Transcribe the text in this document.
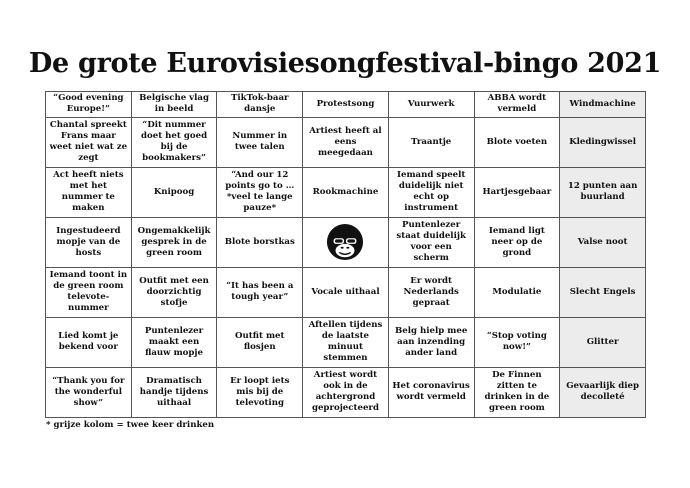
De grote Eurovisiesongfestival-bingo 2021
“Good evening Europe!”	Belgische vlag in beeld	TikTok-baar dansje	Protestsong	Vuurwerk	ABBA wordt vermeld	Windmachine
Chantal spreekt Frans maar weet niet wat ze zegt	“Dit nummer doet het goed bij de bookmakers”	Nummer in twee talen	Artiest heeft al eens meegedaan	Traantje	Blote voeten	Kledingwissel
Act heeft niets met het nummer te maken	Knipoog	“And our 12 points go to … *veel te lange pauze*	Rookmachine	Iemand speelt duidelijk niet echt op instrument	Hartjesgebaar	12 punten aan buurland
Ingestudeerd mopje van de hosts	Ongemakkelijk gesprek in de green room	Blote borstkas		Puntenlezer staat duidelijk voor een scherm	Iemand ligt neer op de grond	Valse noot
Iemand toont in de green room televote-nummer	Outfit met een doorzichtig stofje	“It has been a tough year”	Vocale uithaal	Er wordt Nederlands gepraat	Modulatie	Slecht Engels
Lied komt je bekend voor	Puntenlezer maakt een flauw mopje	Outfit met flosjen	Aftellen tijdens de laatste minuut stemmen	Belg hielp mee aan inzending ander land	“Stop voting now!”	Glitter
“Thank you for the wonderful show”	Dramatisch handje tijdens uithaal	Er loopt iets mis bij de televoting	Artiest wordt ook in de achtergrond geprojecteerd	Het coronavirus wordt vermeld	De Finnen zitten te drinken in de green room	Gevaarlijk diep decolleté
* grijze kolom = twee keer drinken
